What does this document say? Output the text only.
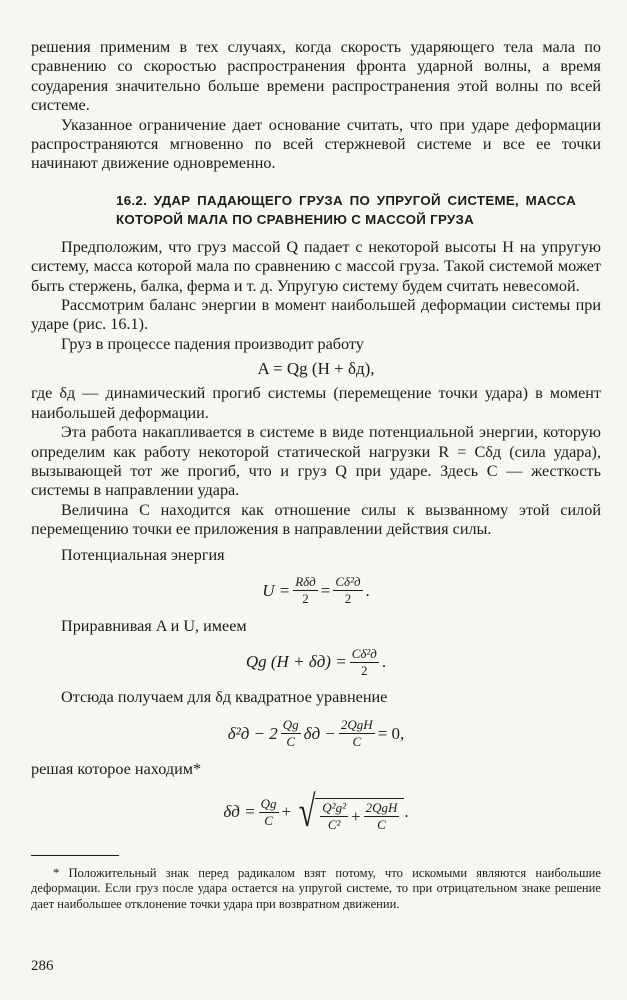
решения применим в тех случаях, когда скорость ударяющего тела мала по сравнению со скоростью распространения фронта ударной волны, а время соударения значительно больше времени распространения этой волны по всей системе.

Указанное ограничение дает основание считать, что при ударе деформации распространяются мгновенно по всей стержневой системе и все ее точки начинают движение одновременно.

16.2. УДАР ПАДАЮЩЕГО ГРУЗА ПО УПРУГОЙ СИСТЕМЕ, МАССА КОТОРОЙ МАЛА ПО СРАВНЕНИЮ С МАССОЙ ГРУЗА

Предположим, что груз массой Q падает с некоторой высоты H на упругую систему, масса которой мала по сравнению с массой груза. Такой системой может быть стержень, балка, ферма и т. д. Упругую систему будем считать невесомой.

Рассмотрим баланс энергии в момент наибольшей деформации системы при ударе (рис. 16.1).

Груз в процессе падения производит работу

A = Qg (H + δд),

где δд — динамический прогиб системы (перемещение точки удара) в момент наибольшей деформации.

Эта работа накапливается в системе в виде потенциальной энергии, которую определим как работу некоторой статической нагрузки R = Cδд (сила удара), вызывающей тот же прогиб, что и груз Q при ударе. Здесь C — жесткость системы в направлении удара.

Величина C находится как отношение силы к вызванному этой силой перемещению точки ее приложения в направлении действия силы.

Потенциальная энергия

$U = \frac{\text{Rδд}}{2} = \frac{\text{Cδ²д}}{2}$ .

Приравнивая A и U, имеем

Qg $(H + \delta д) = \frac{\text{Cδ²д}}{2}$ .

Отсюда получаем для δд квадратное уравнение

$\delta^2д - 2 \frac{Qg}{C}$ $\delta д - \frac{\text{2QgH}}{C} = 0$,

решая которое находим*

$\delta д = \frac{Qg}{C}$ + √ $\frac{\text{Q²g²}}{\text{C²}} + \frac{\text{2QgH}}{C}$ .

* Положительный знак перед радикалом взят потому, что искомыми являются наибольшие деформации. Если груз после удара остается на упругой системе, то при отрицательном знаке решение дает наибольшее отклонение точки удара при возвратном движении.

286
